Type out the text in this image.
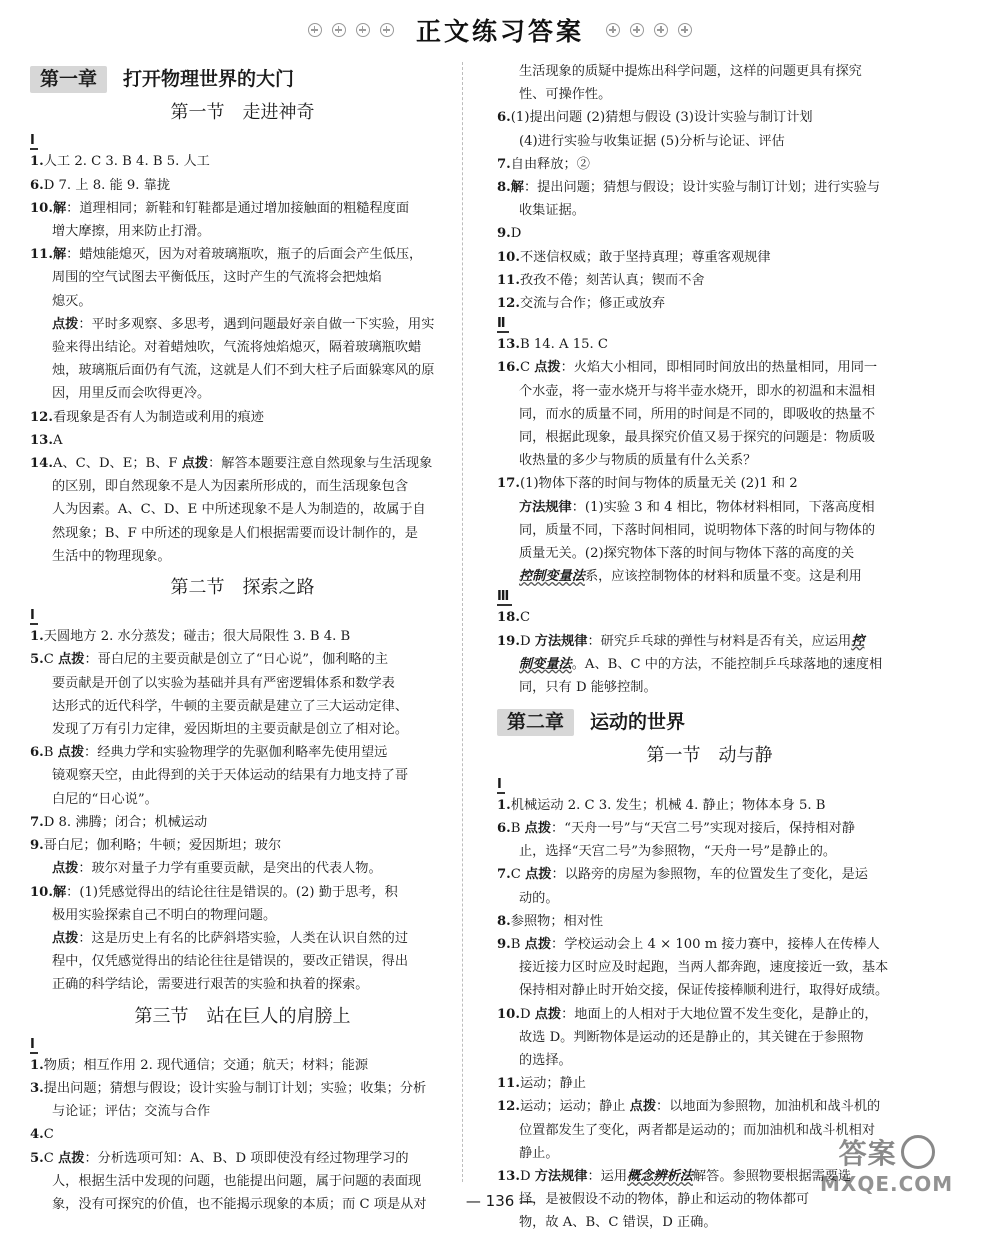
正文练习答案
第一章	打开物理世界的大门
第一节 走进神奇
Ⅰ
1.人工 2. C 3. B 4. B 5. 人工
6.D 7. 上 8. 能 9. 靠拢
10.解：道理相同；新鞋和钉鞋都是通过增加接触面的粗糙程度面
增大摩擦，用来防止打滑。
11.解：蜡烛能熄灭，因为对着玻璃瓶吹，瓶子的后面会产生低压，
周围的空气试图去平衡低压，这时产生的气流将会把烛焰
熄灭。
点拨：平时多观察、多思考，遇到问题最好亲自做一下实验，用实
验来得出结论。对着蜡烛吹，气流将烛焰熄灭，隔着玻璃瓶吹蜡
烛，玻璃瓶后面仍有气流，这就是人们不到大柱子后面躲寒风的原
因，用里反而会吹得更冷。
12.看现象是否有人为制造或利用的痕迹
13.A
14.A、C、D、E；B、F 点拨：解答本题要注意自然现象与生活现象
的区别，即自然现象不是人为因素所形成的，而生活现象包含
人为因素。A、C、D、E 中所述现象不是人为制造的，故属于自
然现象；B、F 中所述的现象是人们根据需要而设计制作的，是
生活中的物理现象。
第二节 探索之路
Ⅰ
1.天圆地方 2. 水分蒸发；碰击；很大局限性 3. B 4. B
5.C 点拨：哥白尼的主要贡献是创立了“日心说”，伽利略的主
要贡献是开创了以实验为基础并具有严密逻辑体系和数学表
达形式的近代科学，牛顿的主要贡献是建立了三大运动定律、
发现了万有引力定律，爱因斯坦的主要贡献是创立了相对论。
6.B 点拨：经典力学和实验物理学的先驱伽利略率先使用望远
镜观察天空，由此得到的关于天体运动的结果有力地支持了哥
白尼的“日心说”。
7.D 8. 沸腾；闭合；机械运动
9.哥白尼；伽利略；牛顿；爱因斯坦；玻尔
点拨：玻尔对量子力学有重要贡献，是突出的代表人物。
10.解：(1)凭感觉得出的结论往往是错误的。(2) 勤于思考，积
极用实验探索自己不明白的物理问题。
点拨：这是历史上有名的比萨斜塔实验，人类在认识自然的过
程中，仅凭感觉得出的结论往往是错误的，要改正错误，得出
正确的科学结论，需要进行艰苦的实验和执着的探索。
第三节 站在巨人的肩膀上
Ⅰ
1.物质；相互作用 2. 现代通信；交通；航天；材料；能源
3.提出问题；猜想与假设；设计实验与制订计划；实验；收集；分析
与论证；评估；交流与合作
4.C
5.C 点拨：分析选项可知：A、B、D 项即使没有经过物理学习的
人，根据生活中发现的问题，也能提出问题，属于问题的表面现
象，没有可探究的价值，也不能揭示现象的本质；而 C 项是从对
生活现象的质疑中提炼出科学问题，这样的问题更具有探究
性、可操作性。
6.(1)提出问题 (2)猜想与假设 (3)设计实验与制订计划
(4)进行实验与收集证据 (5)分析与论证、评估
7.自由释放；②
8.解：提出问题；猜想与假设；设计实验与制订计划；进行实验与
收集证据。
9.D
10.不迷信权威；敢于坚持真理；尊重客观规律
11.孜孜不倦；刻苦认真；锲而不舍
12.交流与合作；修正或放弃
Ⅱ
13.B 14. A 15. C
16.C 点拨：火焰大小相同，即相同时间放出的热量相同，用同一
个水壶，将一壶水烧开与将半壶水烧开，即水的初温和末温相
同，而水的质量不同，所用的时间是不同的，即吸收的热量不
同，根据此现象，最具探究价值又易于探究的问题是：物质吸
收热量的多少与物质的质量有什么关系？
17.(1)物体下落的时间与物体的质量无关 (2)1 和 2
方法规律：(1)实验 3 和 4 相比，物体材料相同，下落高度相
同，质量不同，下落时间相同，说明物体下落的时间与物体的
质量无关。(2)探究物体下落的时间与物体下落的高度的关
控制变量法系，应该控制物体的材料和质量不变。这是利用
Ⅲ
18.C
19.D 方法规律：研究乒乓球的弹性与材料是否有关，应运用控
制变量法。A、B、C 中的方法，不能控制乒乓球落地的速度相
同，只有 D 能够控制。
第二章	运动的世界
第一节 动与静
Ⅰ
1.机械运动 2. C 3. 发生；机械 4. 静止；物体本身 5. B
6.B 点拨：“天舟一号”与“天宫二号”实现对接后，保持相对静
止，选择“天宫二号”为参照物，“天舟一号”是静止的。
7.C 点拨：以路旁的房屋为参照物，车的位置发生了变化，是运
动的。
8.参照物；相对性
9.B 点拨：学校运动会上 4 × 100 m 接力赛中，接棒人在传棒人
接近接力区时应及时起跑，当两人都奔跑，速度接近一致，基本
保持相对静止时开始交接，保证传接棒顺利进行，取得好成绩。
10.D 点拨：地面上的人相对于大地位置不发生变化，是静止的，
故选 D。判断物体是运动的还是静止的，其关键在于参照物
的选择。
11.运动；静止
12.运动；运动；静止 点拨：以地面为参照物，加油机和战斗机的
位置都发生了变化，两者都是运动的；而加油机和战斗机相对
静止。
13.D 方法规律：运用概念辨析法解答。参照物要根据需要选
择，是被假设不动的物体，静止和运动的物体都可
物，故 A、B、C 错误，D 正确。
— 136 —
答案
MXQE.COM
